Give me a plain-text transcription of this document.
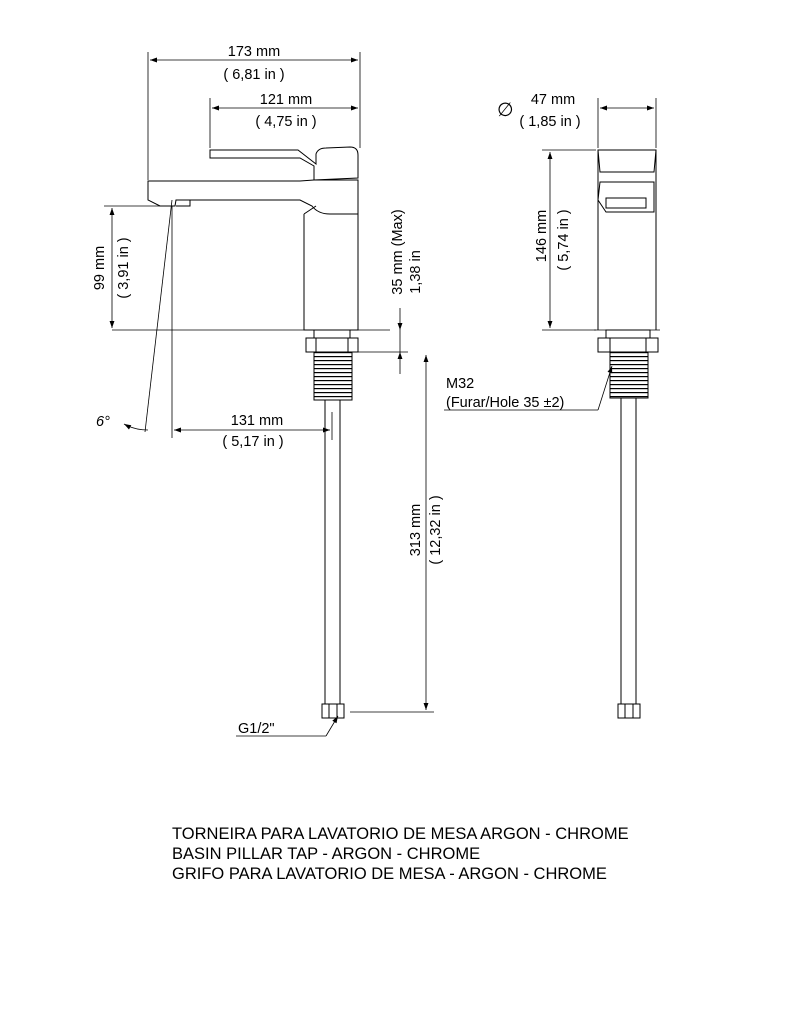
173 mm
( 6,81 in )
121 mm
( 4,75 in )
99 mm ( 3,91 in )	35 mm (Max) 1,38 in
6°	131 mm
( 5,17 in )
313 mm ( 12,32 in )
G1/2"
∅ 47 mm
( 1,85 in )
146 mm ( 5,74 in )
M32
(Furar/Hole 35 ±2)
TORNEIRA PARA LAVATORIO DE MESA ARGON - CHROME
BASIN PILLAR TAP - ARGON - CHROME
GRIFO PARA LAVATORIO DE MESA - ARGON - CHROME
